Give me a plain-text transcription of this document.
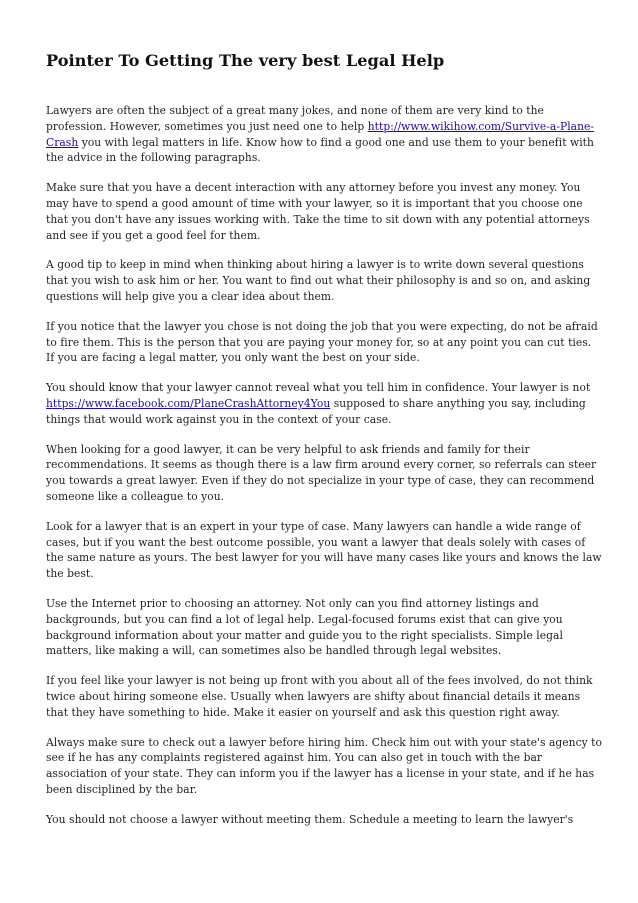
Pointer To Getting The very best Legal Help

Lawyers are often the subject of a great many jokes, and none of them are very kind to the profession. However, sometimes you just need one to help http://www.wikihow.com/Survive-a-Plane-Crash you with legal matters in life. Know how to find a good one and use them to your benefit with the advice in the following paragraphs.

Make sure that you have a decent interaction with any attorney before you invest any money. You may have to spend a good amount of time with your lawyer, so it is important that you choose one that you don't have any issues working with. Take the time to sit down with any potential attorneys and see if you get a good feel for them.

A good tip to keep in mind when thinking about hiring a lawyer is to write down several questions that you wish to ask him or her. You want to find out what their philosophy is and so on, and asking questions will help give you a clear idea about them.

If you notice that the lawyer you chose is not doing the job that you were expecting, do not be afraid to fire them. This is the person that you are paying your money for, so at any point you can cut ties. If you are facing a legal matter, you only want the best on your side.

You should know that your lawyer cannot reveal what you tell him in confidence. Your lawyer is not https://www.facebook.com/PlaneCrashAttorney4You supposed to share anything you say, including things that would work against you in the context of your case.

When looking for a good lawyer, it can be very helpful to ask friends and family for their recommendations. It seems as though there is a law firm around every corner, so referrals can steer you towards a great lawyer. Even if they do not specialize in your type of case, they can recommend someone like a colleague to you.

Look for a lawyer that is an expert in your type of case. Many lawyers can handle a wide range of cases, but if you want the best outcome possible, you want a lawyer that deals solely with cases of the same nature as yours. The best lawyer for you will have many cases like yours and knows the law the best.

Use the Internet prior to choosing an attorney. Not only can you find attorney listings and backgrounds, but you can find a lot of legal help. Legal-focused forums exist that can give you background information about your matter and guide you to the right specialists. Simple legal matters, like making a will, can sometimes also be handled through legal websites.

If you feel like your lawyer is not being up front with you about all of the fees involved, do not think twice about hiring someone else. Usually when lawyers are shifty about financial details it means that they have something to hide. Make it easier on yourself and ask this question right away.

Always make sure to check out a lawyer before hiring him. Check him out with your state's agency to see if he has any complaints registered against him. You can also get in touch with the bar association of your state. They can inform you if the lawyer has a license in your state, and if he has been disciplined by the bar.

You should not choose a lawyer without meeting them. Schedule a meeting to learn the lawyer's
